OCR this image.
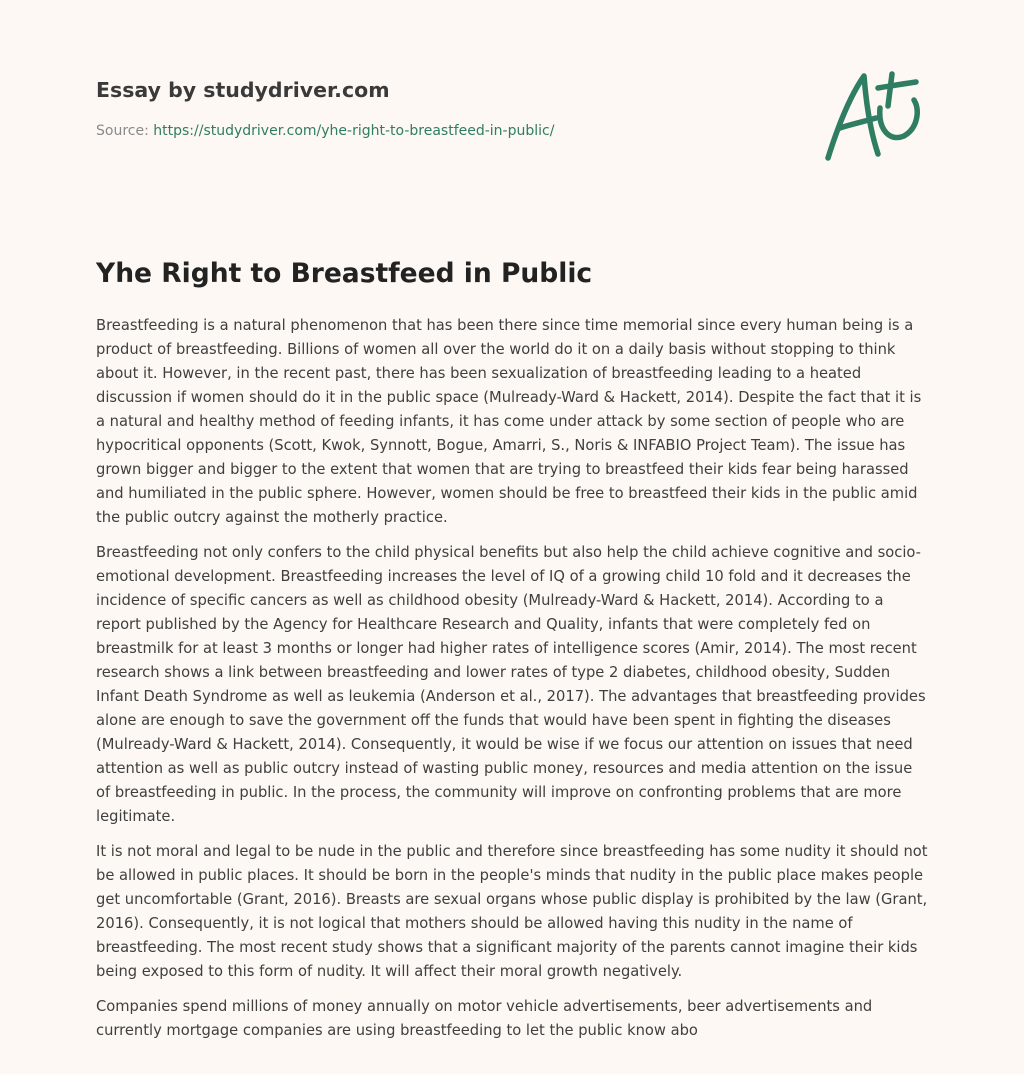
Essay by studydriver.com
Source: https://studydriver.com/yhe-right-to-breastfeed-in-public/
Yhe Right to Breastfeed in Public

Breastfeeding is a natural phenomenon that has been there since time memorial since every human being is a product of breastfeeding. Billions of women all over the world do it on a daily basis without stopping to think about it. However, in the recent past, there has been sexualization of breastfeeding leading to a heated discussion if women should do it in the public space (Mulready-Ward & Hackett, 2014). Despite the fact that it is a natural and healthy method of feeding infants, it has come under attack by some section of people who are hypocritical opponents (Scott, Kwok, Synnott, Bogue, Amarri, S., Noris & INFABIO Project Team). The issue has grown bigger and bigger to the extent that women that are trying to breastfeed their kids fear being harassed and humiliated in the public sphere. However, women should be free to breastfeed their kids in the public amid the public outcry against the motherly practice.

Breastfeeding not only confers to the child physical benefits but also help the child achieve cognitive and socio-emotional development. Breastfeeding increases the level of IQ of a growing child 10 fold and it decreases the incidence of specific cancers as well as childhood obesity (Mulready-Ward & Hackett, 2014). According to a report published by the Agency for Healthcare Research and Quality, infants that were completely fed on breastmilk for at least 3 months or longer had higher rates of intelligence scores (Amir, 2014). The most recent research shows a link between breastfeeding and lower rates of type 2 diabetes, childhood obesity, Sudden Infant Death Syndrome as well as leukemia (Anderson et al., 2017). The advantages that breastfeeding provides alone are enough to save the government off the funds that would have been spent in fighting the diseases (Mulready-Ward & Hackett, 2014). Consequently, it would be wise if we focus our attention on issues that need attention as well as public outcry instead of wasting public money, resources and media attention on the issue of breastfeeding in public. In the process, the community will improve on confronting problems that are more legitimate.

It is not moral and legal to be nude in the public and therefore since breastfeeding has some nudity it should not be allowed in public places. It should be born in the people's minds that nudity in the public place makes people get uncomfortable (Grant, 2016). Breasts are sexual organs whose public display is prohibited by the law (Grant, 2016). Consequently, it is not logical that mothers should be allowed having this nudity in the name of breastfeeding. The most recent study shows that a significant majority of the parents cannot imagine their kids being exposed to this form of nudity. It will affect their moral growth negatively.

Companies spend millions of money annually on motor vehicle advertisements, beer advertisements and currently mortgage companies are using breastfeeding to let the public know abo
